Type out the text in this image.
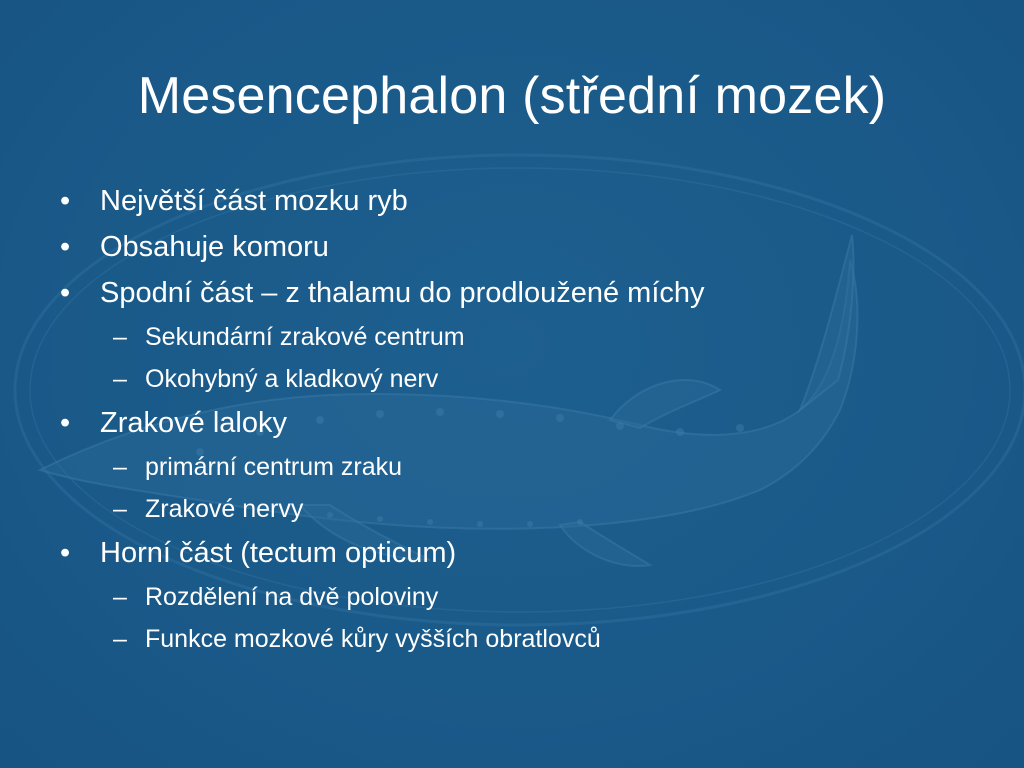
Mesencephalon (střední mozek)
•	Největší část mozku ryb
•	Obsahuje komoru
•	Spodní část – z thalamu do prodloužené míchy
– Sekundární zrakové centrum
– Okohybný a kladkový nerv
•	Zrakové laloky
– primární centrum zraku
– Zrakové nervy
•	Horní část (tectum opticum)
– Rozdělení na dvě poloviny
– Funkce mozkové kůry vyšších obratlovců
